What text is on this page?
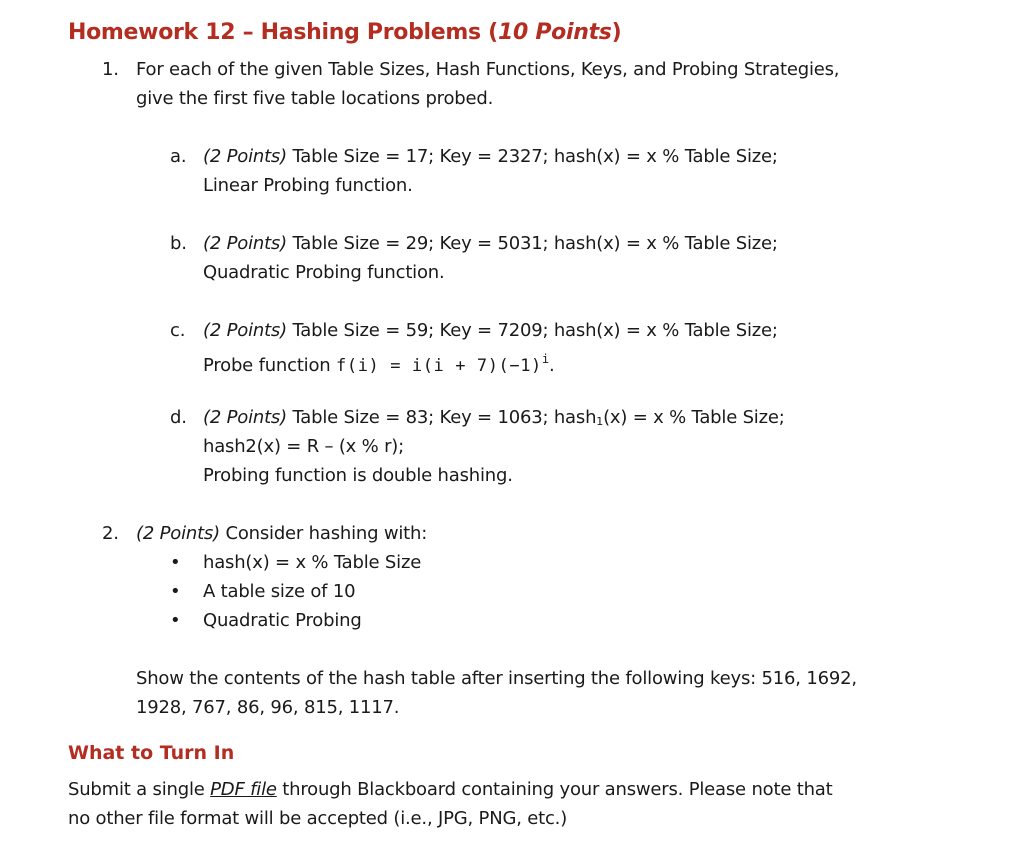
Homework 12 – Hashing Problems (10 Points)
1. For each of the given Table Sizes, Hash Functions, Keys, and Probing Strategies,
give the first five table locations probed.
a. (2 Points) Table Size = 17; Key = 2327; hash(x) = x % Table Size;
Linear Probing function.
b. (2 Points) Table Size = 29; Key = 5031; hash(x) = x % Table Size;
Quadratic Probing function.
c. (2 Points) Table Size = 59; Key = 7209; hash(x) = x % Table Size;
Probe function $f(i) = i(i + 7)(-1)^i$.
d. (2 Points) Table Size = 83; Key = 1063; hash1(x) = x % Table Size;
hash2(x) = R – (x % r);
Probing function is double hashing.
2. (2 Points) Consider hashing with:
• hash(x) = x % Table Size
• A table size of 10
• Quadratic Probing
Show the contents of the hash table after inserting the following keys: 516, 1692,
1928, 767, 86, 96, 815, 1117.
What to Turn In
Submit a single PDF file through Blackboard containing your answers. Please note that
no other file format will be accepted (i.e., JPG, PNG, etc.)
